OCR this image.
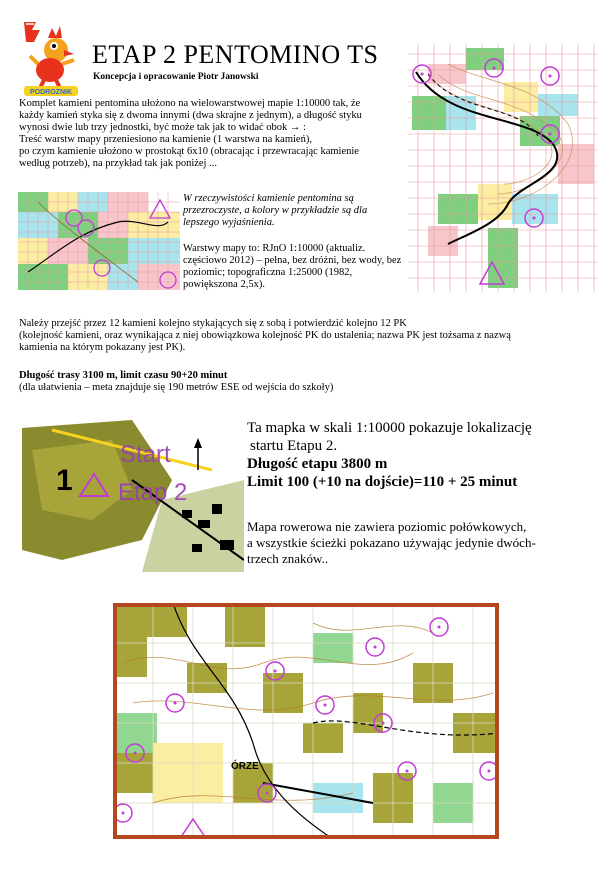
PODROZNIK
ETAP 2 PENTOMINO TS
Koncepcja i opracowanie Piotr Janowski
Komplet kamieni pentomina ułożono na wielowarstwowej mapie 1:10000 tak, że
każdy kamień styka się z dwoma innymi (dwa skrajne z jednym), a długość styku
wynosi dwie lub trzy jednostki, być może tak jak to widać obok → :
Treść warstw mapy przeniesiono na kamienie (1 warstwa na kamień),
po czym kamienie ułożono w prostokąt 6x10 (obracając i przewracając kamienie
według potrzeb), na przykład tak jak poniżej ...
W rzeczywistości kamienie pentomina są przezroczyste, a kolory w przykładzie są dla lepszego wyjaśnienia.
Warstwy mapy to: RJnO 1:10000 (aktualiz. częściowo 2012) – pełna, bez dróżni, bez wody, bez poziomic; topograficzna 1:25000 (1982, powiększona 2,5x).
Należy przejść przez 12 kamieni kolejno stykających się z sobą i potwierdzić kolejno 12 PK
(kolejność kamieni, oraz wynikająca z niej obowiązkowa kolejność PK do ustalenia; nazwa PK jest tożsama z nazwą
kamienia na którym pokazany jest PK).
Długość trasy 3100 m, limit czasu 90+20 minut
(dla ułatwienia – meta znajduje się 190 metrów ESE od wejścia do szkoły)
1
Start
Etap 2
Ta mapka w skali 1:10000 pokazuje lokalizację
startu Etapu 2.
Długość etapu 3800 m
Limit 100 (+10 na dojście)=110 + 25 minut
Mapa rowerowa nie zawiera poziomic połówkowych,
a wszystkie ścieżki pokazano używając jedynie dwóch-
trzech znaków..
ÓRZE
